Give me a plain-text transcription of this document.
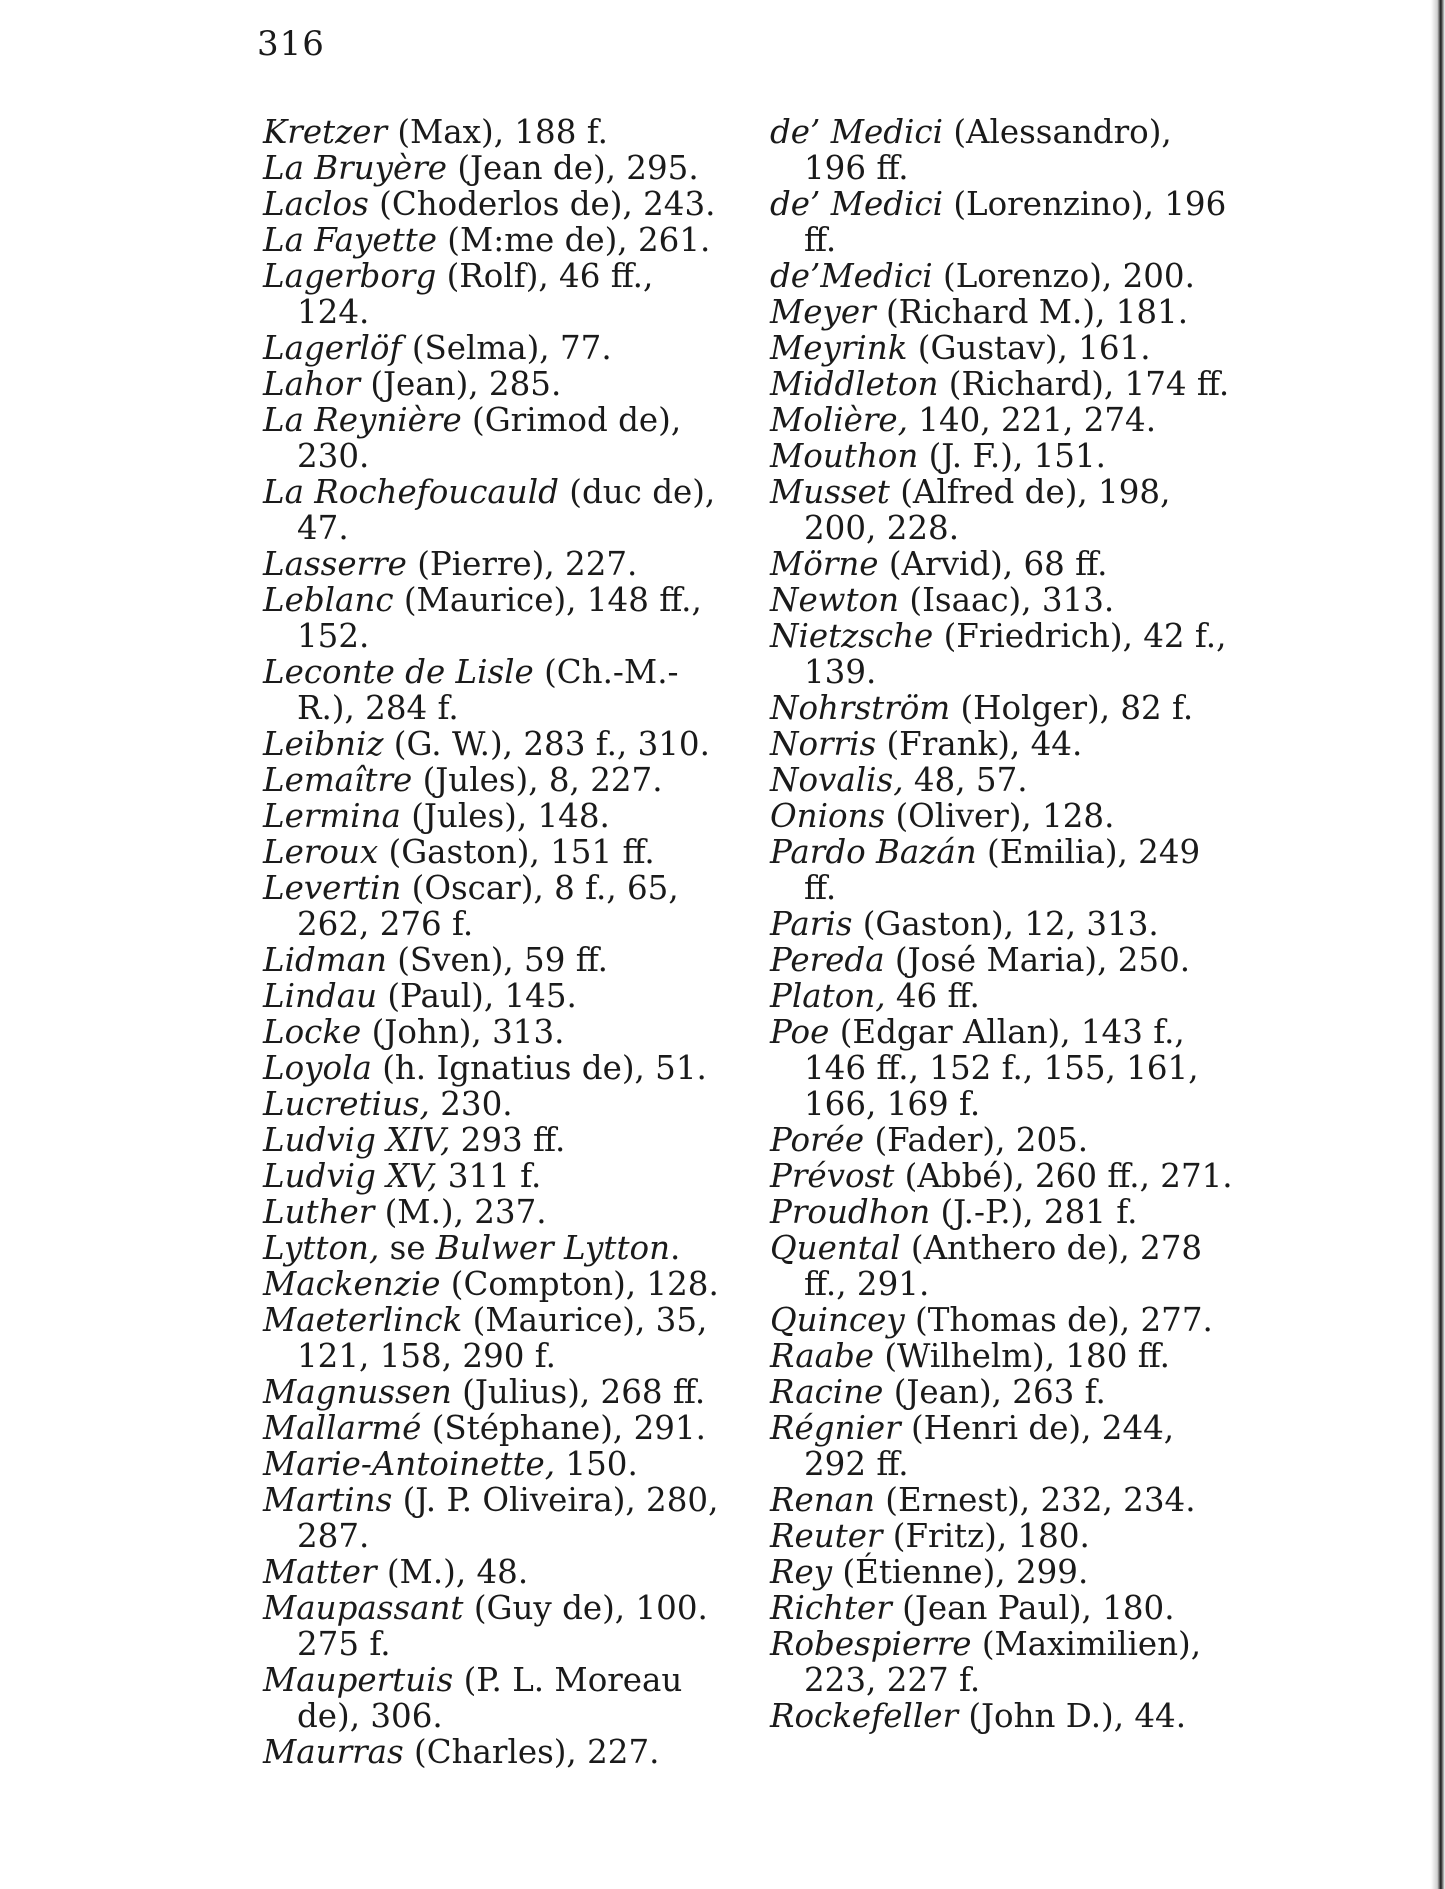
316

Kretzer (Max), 188 f.

La Bruyère (Jean de), 295.

Laclos (Choderlos de), 243.

La Fayette (M:me de), 261.

Lagerborg (Rolf), 46 ff., 124.

Lagerlöf (Selma), 77.

Lahor (Jean), 285.

La Reynière (Grimod de), 230.

La Rochefoucauld (duc de), 47.

Lasserre (Pierre), 227.

Leblanc (Maurice), 148 ff., 152.

Leconte de Lisle (Ch.-M.-R.), 284 f.

Leibniz (G. W.), 283 f., 310.

Lemaître (Jules), 8, 227.

Lermina (Jules), 148.

Leroux (Gaston), 151 ff.

Levertin (Oscar), 8 f., 65, 262, 276 f.

Lidman (Sven), 59 ff.

Lindau (Paul), 145.

Locke (John), 313.

Loyola (h. Ignatius de), 51.

Lucretius, 230.

Ludvig XIV, 293 ff.

Ludvig XV, 311 f.

Luther (M.), 237.

Lytton, se Bulwer Lytton.

Mackenzie (Compton), 128.

Maeterlinck (Maurice), 35, 121, 158, 290 f.

Magnussen (Julius), 268 ff.

Mallarmé (Stéphane), 291.

Marie-Antoinette, 150.

Martins (J. P. Oliveira), 280, 287.

Matter (M.), 48.

Maupassant (Guy de), 100. 275 f.

Maupertuis (P. L. Moreau de), 306.

Maurras (Charles), 227.

de’ Medici (Alessandro), 196 ff.

de’ Medici (Lorenzino), 196 ff.

de’Medici (Lorenzo), 200.

Meyer (Richard M.), 181.

Meyrink (Gustav), 161.

Middleton (Richard), 174 ff.

Molière, 140, 221, 274.

Mouthon (J. F.), 151.

Musset (Alfred de), 198, 200, 228.

Mörne (Arvid), 68 ff.

Newton (Isaac), 313.

Nietzsche (Friedrich), 42 f., 139.

Nohrström (Holger), 82 f.

Norris (Frank), 44.

Novalis, 48, 57.

Onions (Oliver), 128.

Pardo Bazán (Emilia), 249 ff.

Paris (Gaston), 12, 313.

Pereda (José Maria), 250.

Platon, 46 ff.

Poe (Edgar Allan), 143 f., 146 ff., 152 f., 155, 161, 166, 169 f.

Porée (Fader), 205.

Prévost (Abbé), 260 ff., 271.

Proudhon (J.-P.), 281 f.

Quental (Anthero de), 278 ff., 291.

Quincey (Thomas de), 277.

Raabe (Wilhelm), 180 ff.

Racine (Jean), 263 f.

Régnier (Henri de), 244, 292 ff.

Renan (Ernest), 232, 234.

Reuter (Fritz), 180.

Rey (Étienne), 299.

Richter (Jean Paul), 180.

Robespierre (Maximilien), 223, 227 f.

Rockefeller (John D.), 44.
